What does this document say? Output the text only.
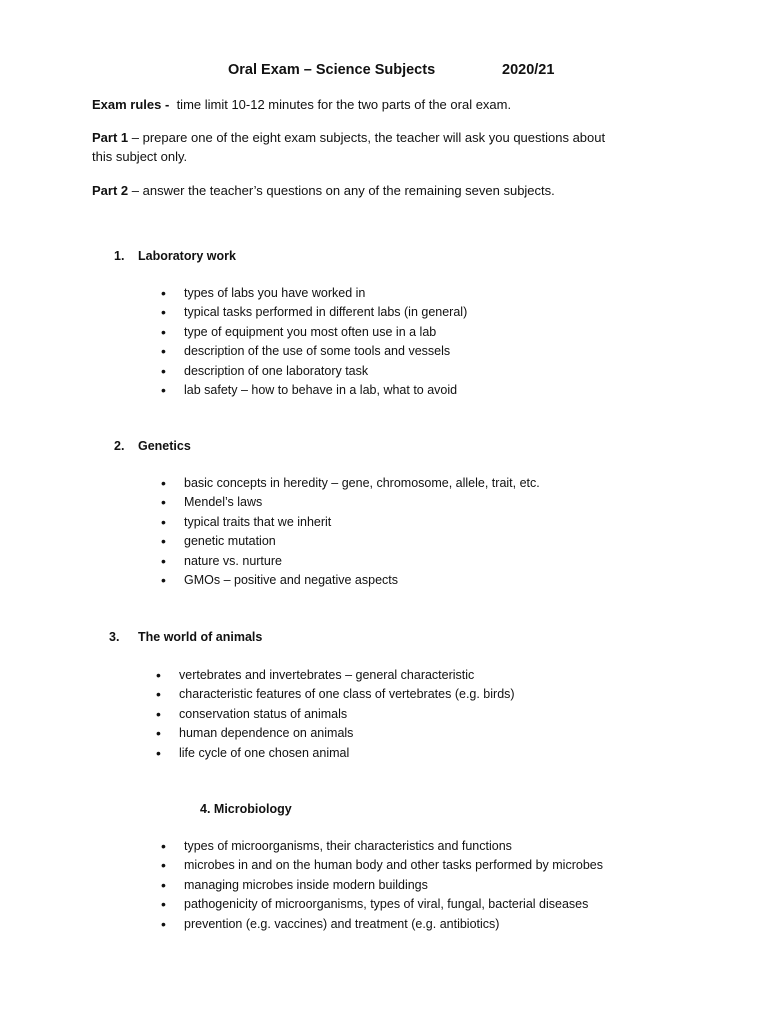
Oral Exam – Science Subjects	2020/21
Exam rules - time limit 10-12 minutes for the two parts of the oral exam.
Part 1 – prepare one of the eight exam subjects, the teacher will ask you questions about
this subject only.
Part 2 – answer the teacher’s questions on any of the remaining seven subjects.
1. Laboratory work
• types of labs you have worked in
• typical tasks performed in different labs (in general)
• type of equipment you most often use in a lab
• description of the use of some tools and vessels
• description of one laboratory task
• lab safety – how to behave in a lab, what to avoid
2. Genetics
• basic concepts in heredity – gene, chromosome, allele, trait, etc.
• Mendel’s laws
• typical traits that we inherit
• genetic mutation
• nature vs. nurture
• GMOs – positive and negative aspects
3. The world of animals
• vertebrates and invertebrates – general characteristic
• characteristic features of one class of vertebrates (e.g. birds)
• conservation status of animals
• human dependence on animals
• life cycle of one chosen animal
4. Microbiology
• types of microorganisms, their characteristics and functions
• microbes in and on the human body and other tasks performed by microbes
• managing microbes inside modern buildings
• pathogenicity of microorganisms, types of viral, fungal, bacterial diseases
• prevention (e.g. vaccines) and treatment (e.g. antibiotics)
